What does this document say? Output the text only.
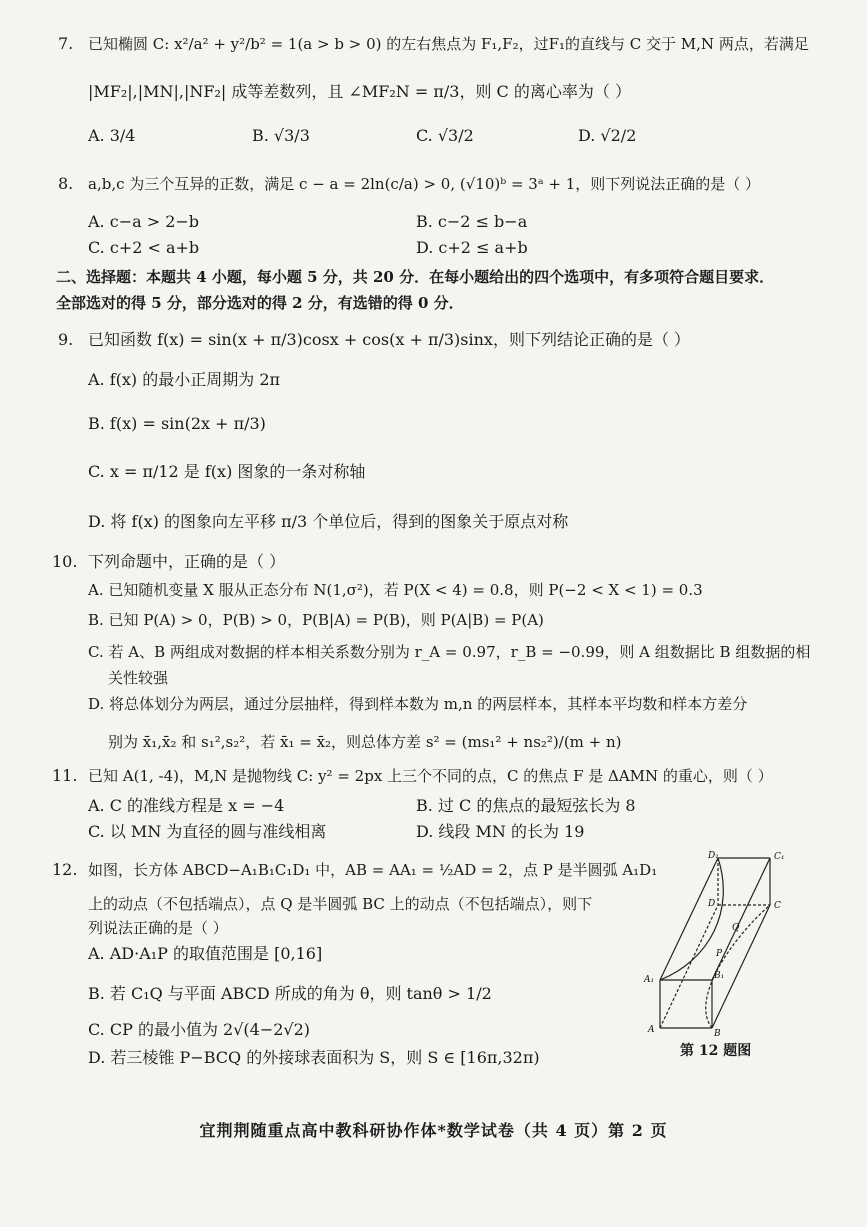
7. 已知椭圆 C: x²/a² + y²/b² = 1(a > b > 0) 的左右焦点为 F₁,F₂，过F₁的直线与 C 交于 M,N 两点，若满足
|MF₂|,|MN|,|NF₂| 成等差数列，且 ∠MF₂N = π/3，则 C 的离心率为（ ）
A. 3/4	B. √3/3	C. √3/2	D. √2/2
8. a,b,c 为三个互异的正数，满足 c − a = 2ln(c/a) > 0, (√10)ᵇ = 3ᵃ + 1，则下列说法正确的是（ ）
A. c−a > 2−b	B. c−2 ≤ b−a
C. c+2 < a+b	D. c+2 ≤ a+b
二、选择题：本题共 4 小题，每小题 5 分，共 20 分．在每小题给出的四个选项中，有多项符合题目要求．
全部选对的得 5 分，部分选对的得 2 分，有选错的得 0 分．
9. 已知函数 f(x) = sin(x + π/3)cosx + cos(x + π/3)sinx，则下列结论正确的是（ ）
A. f(x) 的最小正周期为 2π
B. f(x) = sin(2x + π/3)
C. x = π/12 是 f(x) 图象的一条对称轴
D. 将 f(x) 的图象向左平移 π/3 个单位后，得到的图象关于原点对称
10. 下列命题中，正确的是（ ）
A. 已知随机变量 X 服从正态分布 N(1,σ²)，若 P(X < 4) = 0.8，则 P(−2 < X < 1) = 0.3
B. 已知 P(A) > 0，P(B) > 0，P(B|A) = P(B)，则 P(A|B) = P(A)
C. 若 A、B 两组成对数据的样本相关系数分别为 r_A = 0.97，r_B = −0.99，则 A 组数据比 B 组数据的相
关性较强
D. 将总体划分为两层，通过分层抽样，得到样本数为 m,n 的两层样本，其样本平均数和样本方差分
别为 x̄₁,x̄₂ 和 s₁²,s₂²，若 x̄₁ = x̄₂，则总体方差 s² = (ms₁² + ns₂²)/(m + n)
11. 已知 A(1, -4)，M,N 是抛物线 C: y² = 2px 上三个不同的点，C 的焦点 F 是 ΔAMN 的重心，则（ ）
A. C 的准线方程是 x = −4	B. 过 C 的焦点的最短弦长为 8
C. 以 MN 为直径的圆与准线相离	D. 线段 MN 的长为 19
12. 如图，长方体 ABCD−A₁B₁C₁D₁ 中，AB = AA₁ = ½AD = 2，点 P 是半圆弧 A₁D₁
上的动点（不包括端点），点 Q 是半圆弧 BC 上的动点（不包括端点），则下
列说法正确的是（ ）
A. AD·A₁P 的取值范围是 [0,16]
B. 若 C₁Q 与平面 ABCD 所成的角为 θ，则 tanθ > 1/2
C. CP 的最小值为 2√(4−2√2)
D. 若三棱锥 P−BCQ 的外接球表面积为 S，则 S ∈ [16π,32π)
D₁	C₁
D	C
Q
A₁	B₁
P
A	B
第 12 题图
宜荆荆随重点高中教科研协作体*数学试卷（共 4 页）第 2 页
